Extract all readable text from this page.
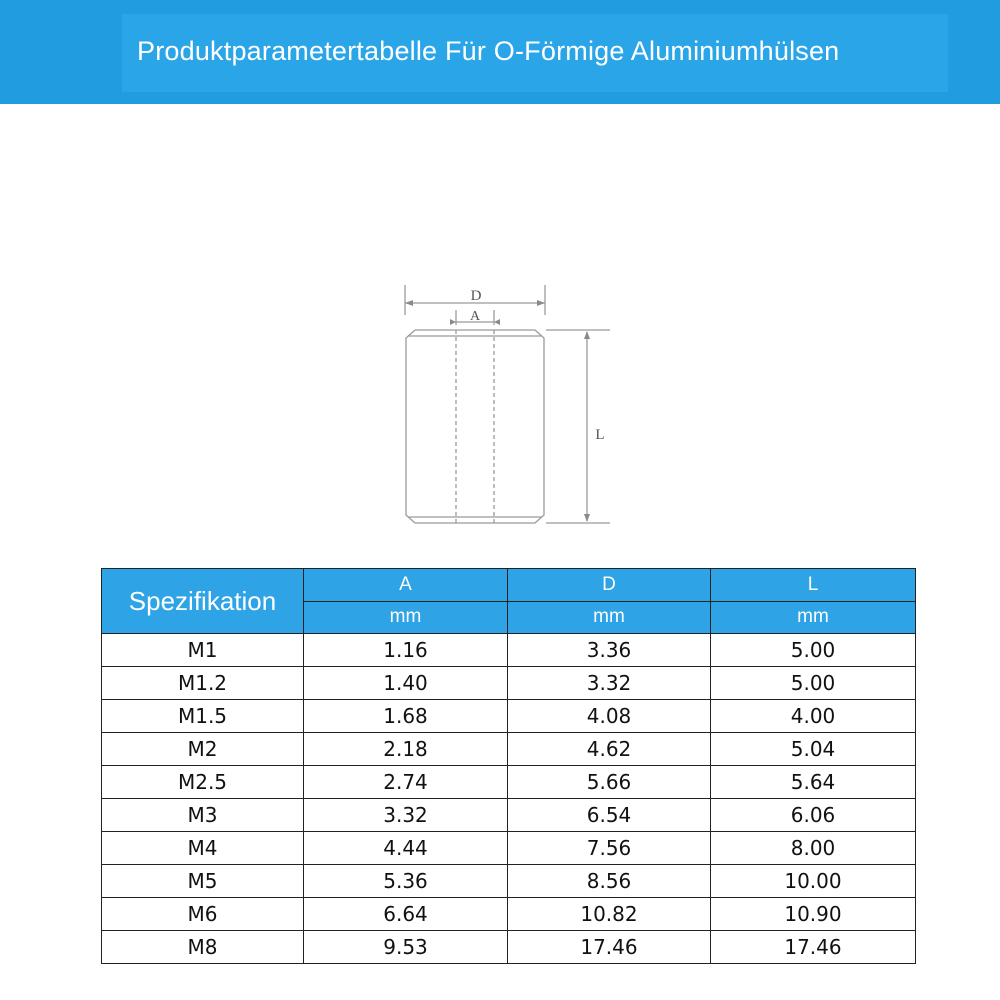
Produktparametertabelle Für O-Förmige Aluminiumhülsen
D
A
L
Spezifikation	A	D	L
	mm	mm	mm
M1	1.16	3.36	5.00
M1.2	1.40	3.32	5.00
M1.5	1.68	4.08	4.00
M2	2.18	4.62	5.04
M2.5	2.74	5.66	5.64
M3	3.32	6.54	6.06
M4	4.44	7.56	8.00
M5	5.36	8.56	10.00
M6	6.64	10.82	10.90
M8	9.53	17.46	17.46
